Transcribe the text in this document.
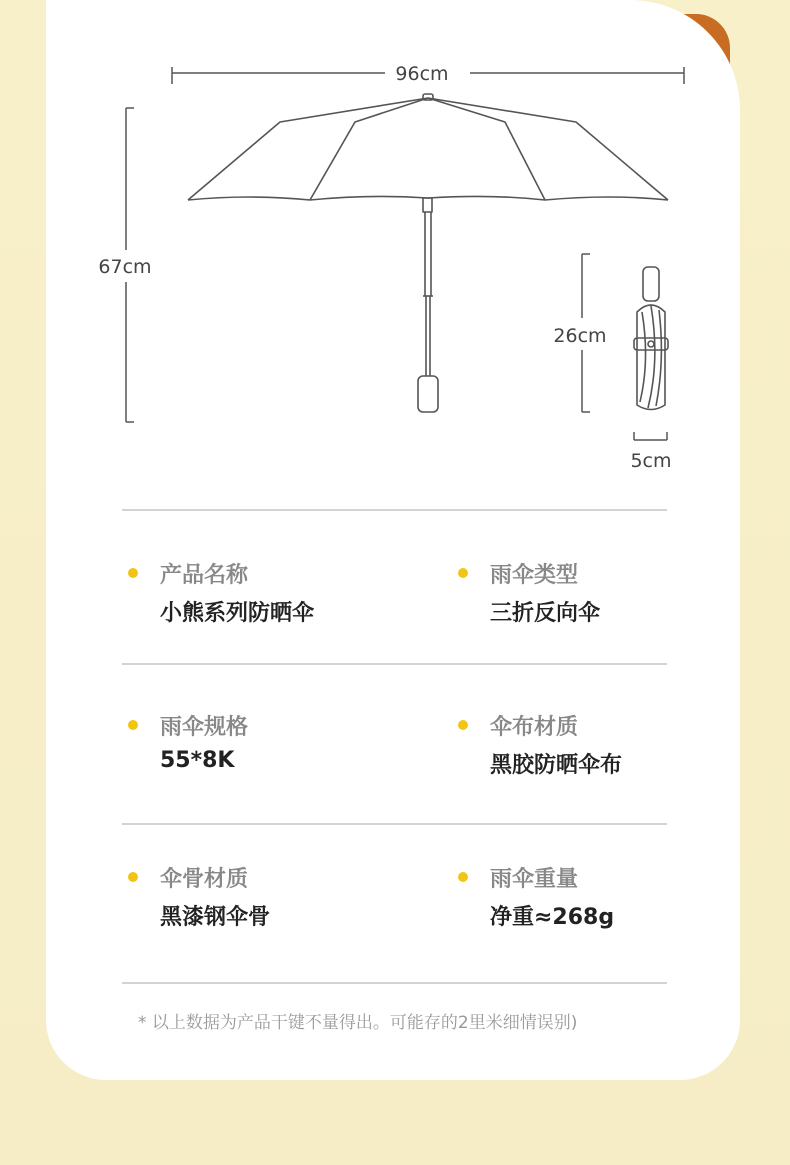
96cm
67cm
26cm
5cm
产品名称
小熊系列防晒伞
雨伞类型
三折反向伞
雨伞规格
55*8K
伞布材质
黑胶防晒伞布
伞骨材质
黑漆钢伞骨
雨伞重量
净重≈268g
* 以上数据为产品干键不量得出。可能存的2里米细情误别)
